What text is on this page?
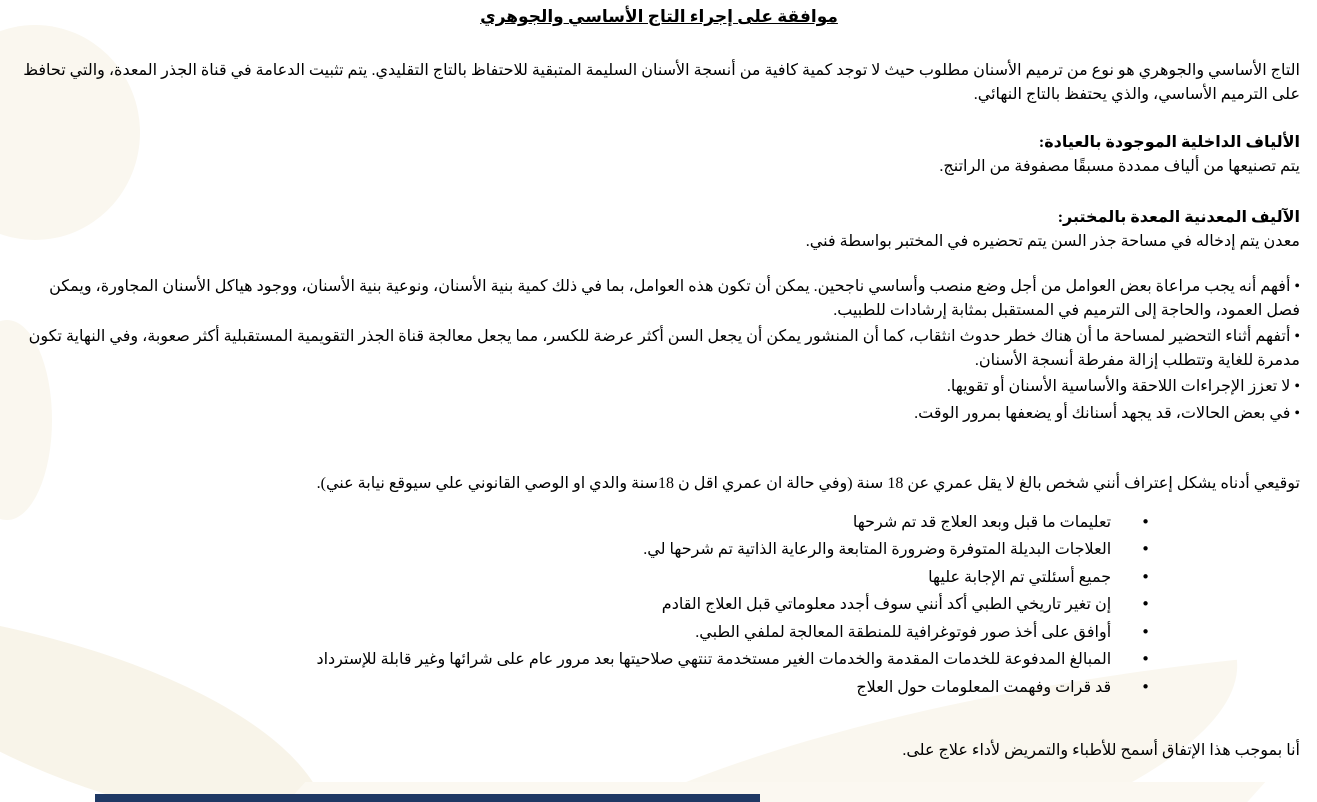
موافقة على إجراء التاج الأساسي والجوهري
التاج الأساسي والجوهري هو نوع من ترميم الأسنان مطلوب حيث لا توجد كمية كافية من أنسجة الأسنان السليمة المتبقية للاحتفاظ بالتاج التقليدي. يتم تثبيت الدعامة في قناة الجذر المعدة، والتي تحافظ على الترميم الأساسي، والذي يحتفظ بالتاج النهائي.
الألياف الداخلية الموجودة بالعيادة:
يتم تصنيعها من ألياف ممددة مسبقًا مصفوفة من الراتنج.
الآليف المعدنية المعدة بالمختبر:
معدن يتم إدخاله في مساحة جذر السن يتم تحضيره في المختبر بواسطة فني.
• أفهم أنه يجب مراعاة بعض العوامل من أجل وضع منصب وأساسي ناجحين. يمكن أن تكون هذه العوامل، بما في ذلك كمية بنية الأسنان، ونوعية بنية الأسنان، ووجود هياكل الأسنان المجاورة، ويمكن فصل العمود، والحاجة إلى الترميم في المستقبل بمثابة إرشادات للطبيب.
• أتفهم أثناء التحضير لمساحة ما أن هناك خطر حدوث انثقاب، كما أن المنشور يمكن أن يجعل السن أكثر عرضة للكسر، مما يجعل معالجة قناة الجذر التقويمية المستقبلية أكثر صعوبة، وفي النهاية تكون مدمرة للغاية وتتطلب إزالة مفرطة أنسجة الأسنان.
• لا تعزز الإجراءات اللاحقة والأساسية الأسنان أو تقويها.
• في بعض الحالات، قد يجهد أسنانك أو يضعفها بمرور الوقت.
توقيعي أدناه يشكل إعتراف أنني شخص بالغ لا يقل عمري عن 18 سنة (وفي حالة ان عمري اقل ن 18سنة والدي او الوصي القانوني علي سيوقع نيابة عني).
• تعليمات ما قبل وبعد العلاج قد تم شرحها
• العلاجات البديلة المتوفرة وضرورة المتابعة والرعاية الذاتية تم شرحها لي.
• جميع أسئلتي تم الإجابة عليها
• إن تغير تاريخي الطبي أكد أنني سوف أجدد معلوماتي قبل العلاج القادم
• أوافق على أخذ صور فوتوغرافية للمنطقة المعالجة لملفي الطبي.
• المبالغ المدفوعة للخدمات المقدمة والخدمات الغير مستخدمة تنتهي صلاحيتها بعد مرور عام على شرائها وغير قابلة للإسترداد
• قد قرات وفهمت المعلومات حول العلاج
أنا بموجب هذا الإتفاق أسمح للأطباء والتمريض لأداء علاج على.
